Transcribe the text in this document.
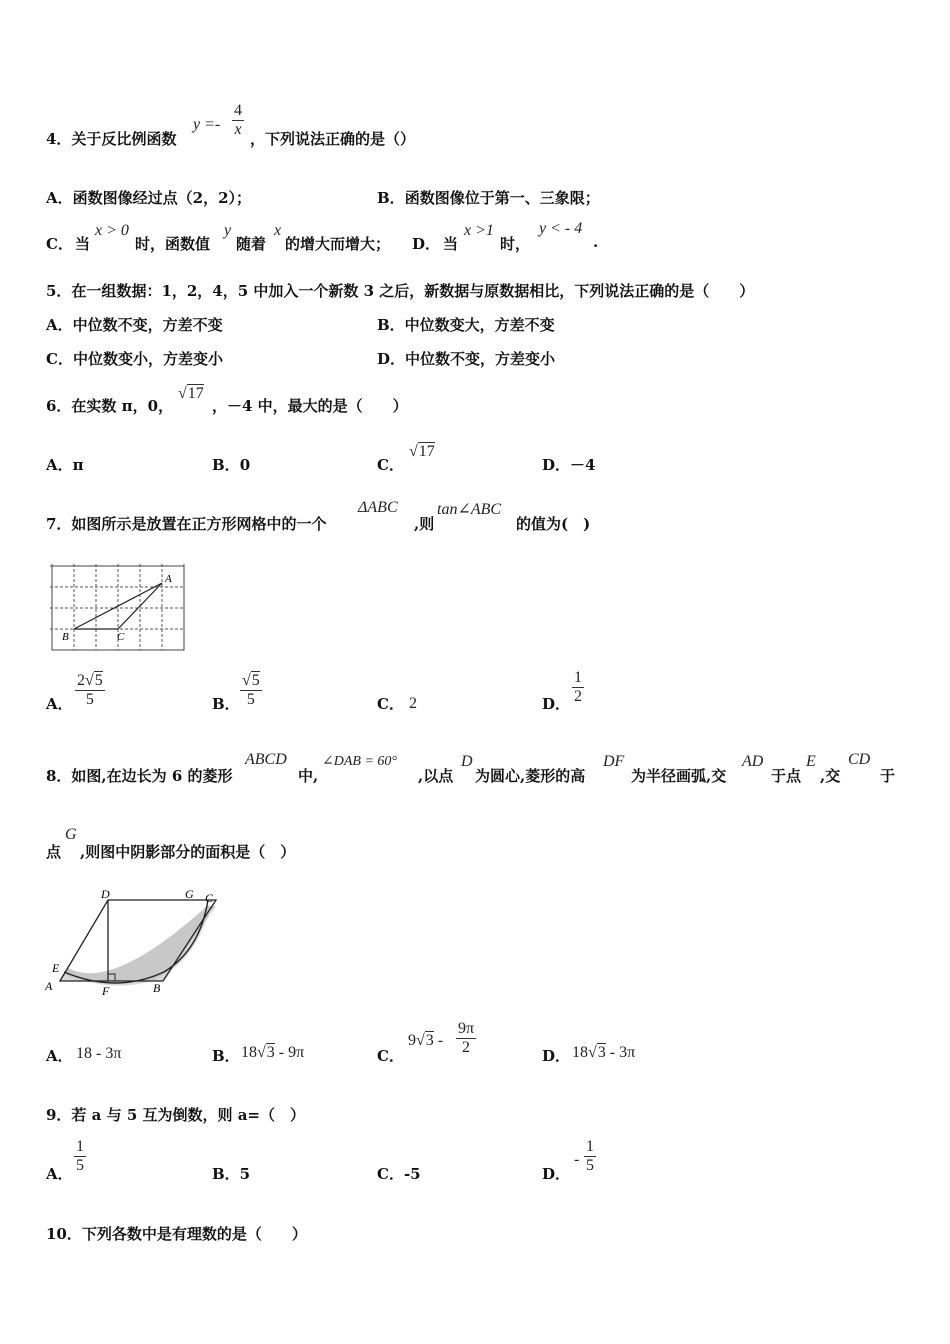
4．关于反比例函数
$y =- \frac{4}{x}$ ，下列说法正确的是（）
A．函数图像经过点（2，2）；	B．函数图像位于第一、三象限；
C． 当
x > 0
时，函数值
y
随着
x
的增大而增大； D． 当
x >1
时，
y < - 4
.
5．在一组数据：1，2，4，5 中加入一个新数 3 之后，新数据与原数据相比，下列说法正确的是（　　）
A．中位数不变，方差不变	B．中位数变大，方差不变
C．中位数变小，方差变小	D．中位数不变，方差变小
6．在实数 π，0，
√17
，－4 中，最大的是（　　）
A．π	B．0	C．
√17
D．－4
7．如图所示是放置在正方形网格中的一个
ΔABC
,则
tan∠ABC
的值为(　)
A
B	C
A． $\frac{2√5}{5}$	B． $\frac{√5}{5}$	C． 2	D． $\frac{1}{2}$
8．如图,在边长为 6 的菱形
ABCD
中,
∠DAB = 60°
,以点
D
为圆心,菱形的高
DF
为半径画弧,交
AD
于点
E
,交
CD
于
点
G
,则图中阴影部分的面积是（　）
D	G C
E
A	F	B
A． 18 - 3π	B． 18√3 - 9π	C．
$9√3 - \frac{9\pi}{2}$	D． 18√3 - 3π
9．若 a 与 5 互为倒数，则 a=（　）
A． $\frac{1}{5}$	B．5	C．-5	D．
- $\frac{1}{5}$
10．下列各数中是有理数的是（　　）
